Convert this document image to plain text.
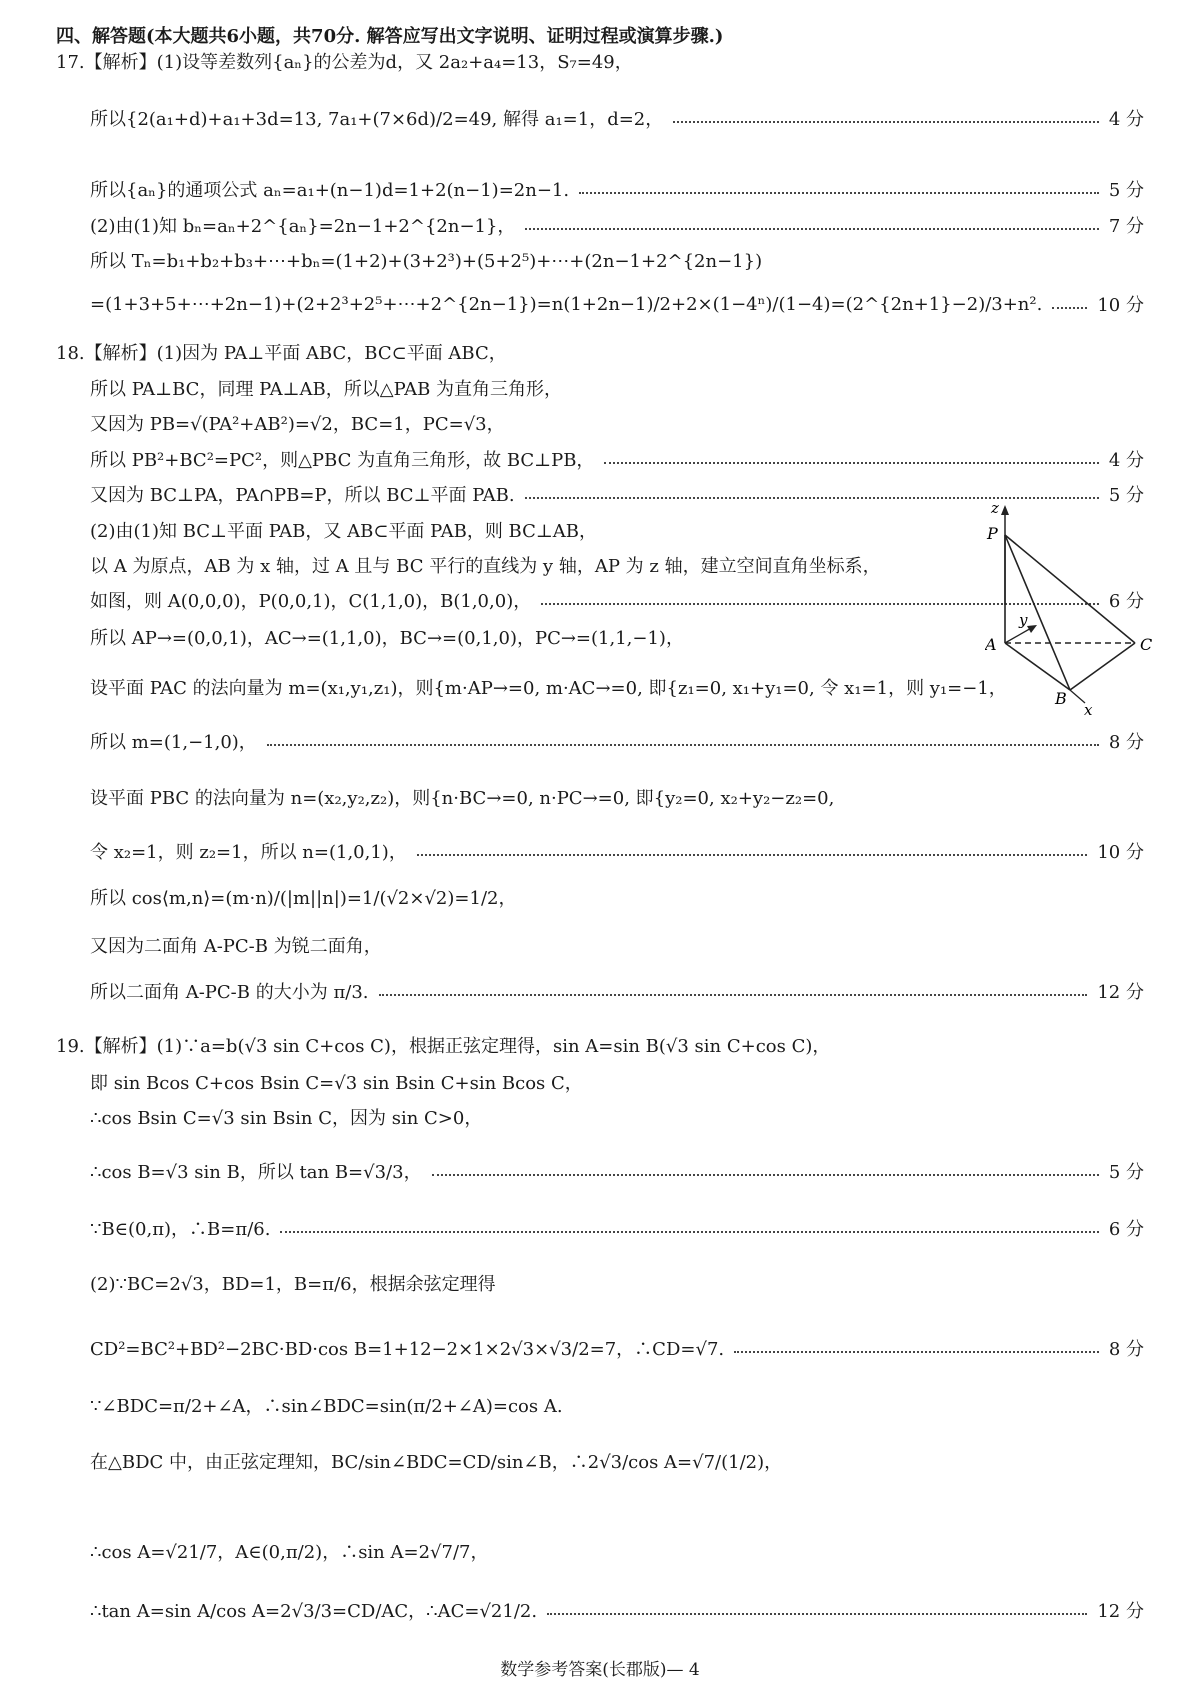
四、解答题(本大题共6小题，共70分. 解答应写出文字说明、证明过程或演算步骤.)
17.【解析】(1)设等差数列{aₙ}的公差为d，又 2a₂+a₄=13，S₇=49，
所以{2(a₁+d)+a₁+3d=13, 7a₁+(7×6d)/2=49, 解得 a₁=1，d=2，	4 分
所以{aₙ}的通项公式 aₙ=a₁+(n−1)d=1+2(n−1)=2n−1.	5 分
(2)由(1)知 bₙ=aₙ+2^{aₙ}=2n−1+2^{2n−1}，	7 分
所以 Tₙ=b₁+b₂+b₃+⋯+bₙ=(1+2)+(3+2³)+(5+2⁵)+⋯+(2n−1+2^{2n−1})
=(1+3+5+⋯+2n−1)+(2+2³+2⁵+⋯+2^{2n−1})=n(1+2n−1)/2+2×(1−4ⁿ)/(1−4)=(2^{2n+1}−2)/3+n².	10 分
18.【解析】(1)因为 PA⊥平面 ABC，BC⊂平面 ABC，
所以 PA⊥BC，同理 PA⊥AB，所以△PAB 为直角三角形，
又因为 PB=√(PA²+AB²)=√2，BC=1，PC=√3，
所以 PB²+BC²=PC²，则△PBC 为直角三角形，故 BC⊥PB，	4 分
又因为 BC⊥PA，PA∩PB=P，所以 BC⊥平面 PAB.	5 分
(2)由(1)知 BC⊥平面 PAB，又 AB⊂平面 PAB，则 BC⊥AB，
以 A 为原点，AB 为 x 轴，过 A 且与 BC 平行的直线为 y 轴，AP 为 z 轴，建立空间直角坐标系，
如图，则 A(0,0,0)，P(0,0,1)，C(1,1,0)，B(1,0,0)，	6 分
所以 AP→=(0,0,1)，AC→=(1,1,0)，BC→=(0,1,0)，PC→=(1,1,−1)，
设平面 PAC 的法向量为 m=(x₁,y₁,z₁)，则{m·AP→=0, m·AC→=0, 即{z₁=0, x₁+y₁=0, 令 x₁=1，则 y₁=−1，
所以 m=(1,−1,0)，	8 分
设平面 PBC 的法向量为 n=(x₂,y₂,z₂)，则{n·BC→=0, n·PC→=0, 即{y₂=0, x₂+y₂−z₂=0,
令 x₂=1，则 z₂=1，所以 n=(1,0,1)，	10 分
所以 cos⟨m,n⟩=(m·n)/(|m||n|)=1/(√2×√2)=1/2，
又因为二面角 A-PC-B 为锐二面角，
所以二面角 A-PC-B 的大小为 π/3.	12 分
19.【解析】(1)∵a=b(√3 sin C+cos C)，根据正弦定理得，sin A=sin B(√3 sin C+cos C)，
即 sin Bcos C+cos Bsin C=√3 sin Bsin C+sin Bcos C，
∴cos Bsin C=√3 sin Bsin C，因为 sin C>0，
∴cos B=√3 sin B，所以 tan B=√3/3，	5 分
∵B∈(0,π)，∴B=π/6.	6 分
(2)∵BC=2√3，BD=1，B=π/6，根据余弦定理得
CD²=BC²+BD²−2BC·BD·cos B=1+12−2×1×2√3×√3/2=7，∴CD=√7.	8 分
∵∠BDC=π/2+∠A，∴sin∠BDC=sin(π/2+∠A)=cos A.
在△BDC 中，由正弦定理知，BC/sin∠BDC=CD/sin∠B，∴2√3/cos A=√7/(1/2)，
∴cos A=√21/7，A∈(0,π/2)，∴sin A=2√7/7，
∴tan A=sin A/cos A=2√3/3=CD/AC，∴AC=√21/2.	12 分
z
P
y
A	C
B
x
数学参考答案(长郡版)— 4
